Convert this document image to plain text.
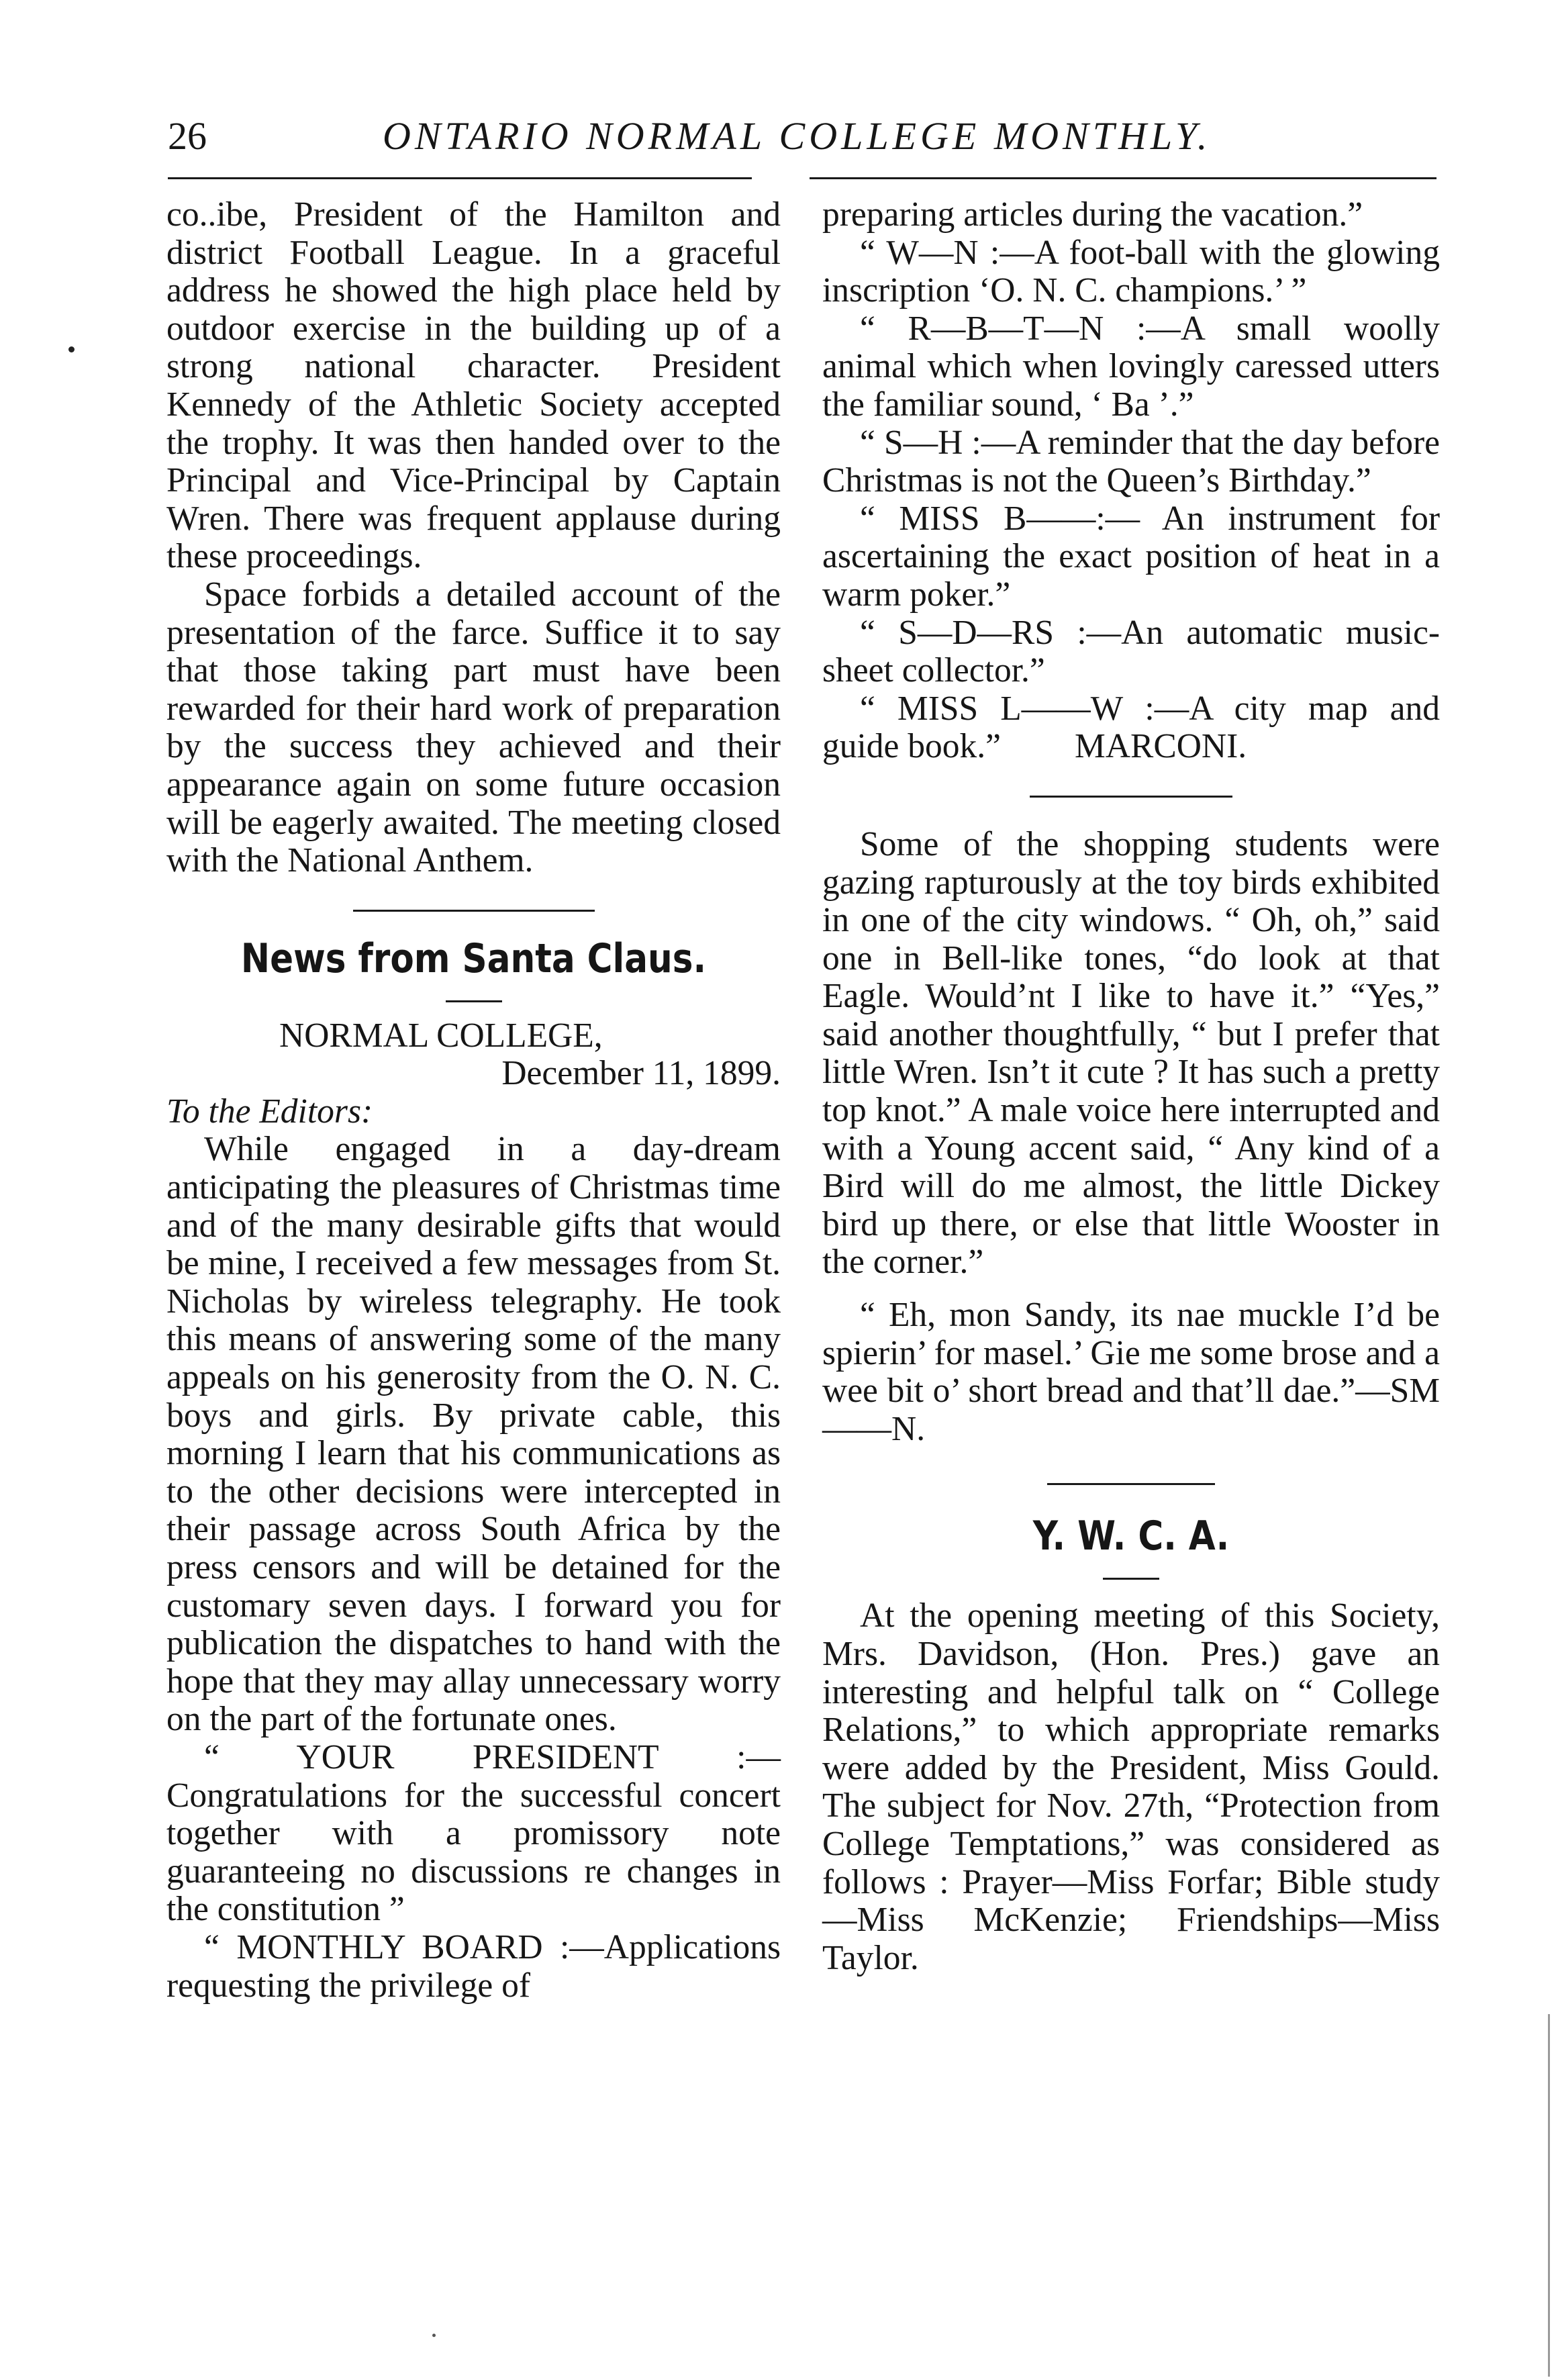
26	ONTARIO NORMAL COLLEGE MONTHLY.

co..ibe, President of the Hamilton and district Football League. In a graceful address he showed the high place held by outdoor exercise in the building up of a strong national character. President Kennedy of the Athletic Society accepted the trophy. It was then handed over to the Principal and Vice-Principal by Captain Wren. There was frequent applause during these proceedings.

Space forbids a detailed account of the presentation of the farce. Suffice it to say that those taking part must have been rewarded for their hard work of preparation by the success they achieved and their appearance again on some future occasion will be eagerly awaited. The meeting closed with the National Anthem.

News from Santa Claus.

NORMAL COLLEGE,

December 11, 1899.

To the Editors:

While engaged in a day-dream anticipating the pleasures of Christmas time and of the many desirable gifts that would be mine, I received a few messages from St. Nicholas by wireless telegraphy. He took this means of answering some of the many appeals on his generosity from the O. N. C. boys and girls. By private cable, this morning I learn that his communications as to the other decisions were intercepted in their passage across South Africa by the press censors and will be detained for the customary seven days. I forward you for publication the dispatches to hand with the hope that they may allay unnecessary worry on the part of the fortunate ones.

“ YOUR PRESIDENT :—Congratulations for the successful concert together with a promissory note guaranteeing no discussions re changes in the constitution ”

“ MONTHLY BOARD :—Applications requesting the privilege of

preparing articles during the vacation.”

“ W—N :—A foot-ball with the glowing inscription ‘O. N. C. champions.’ ”

“ R—B—T—N :—A small woolly animal which when lovingly caressed utters the familiar sound, ‘ Ba ’.”

“ S—H :—A reminder that the day before Christmas is not the Queen’s Birthday.”

“ MISS B——:— An instrument for ascertaining the exact position of heat in a warm poker.”

“ S—D—RS :—An automatic music-sheet collector.”

“ MISS L——W :—A city map and guide book.” MARCONI.

Some of the shopping students were gazing rapturously at the toy birds exhibited in one of the city windows. “ Oh, oh,” said one in Bell-like tones, “do look at that Eagle. Would’nt I like to have it.” “Yes,” said another thoughtfully, “ but I prefer that little Wren. Isn’t it cute ? It has such a pretty top knot.” A male voice here interrupted and with a Young accent said, “ Any kind of a Bird will do me almost, the little Dickey bird up there, or else that little Wooster in the corner.”

“ Eh, mon Sandy, its nae muckle I’d be spierin’ for masel.’ Gie me some brose and a wee bit o’ short bread and that’ll dae.”—SM——N.

Y. W. C. A.

At the opening meeting of this Society, Mrs. Davidson, (Hon. Pres.) gave an interesting and helpful talk on “ College Relations,” to which appropriate remarks were added by the President, Miss Gould. The subject for Nov. 27th, “Protection from College Temptations,” was considered as follows : Prayer—Miss Forfar; Bible study—Miss McKenzie; Friendships—Miss Taylor.
